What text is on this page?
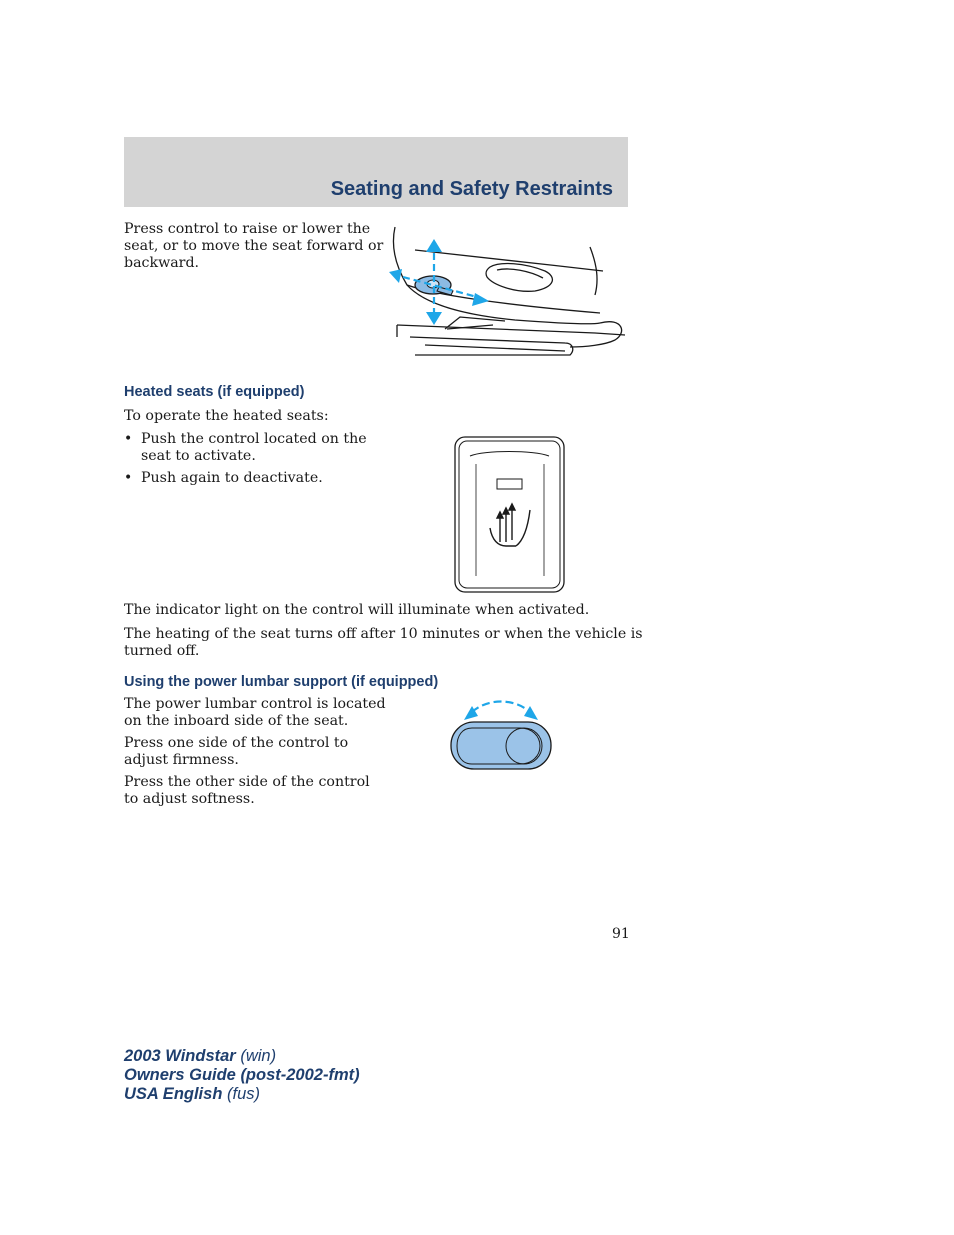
Seating and Safety Restraints
Press control to raise or lower the
seat, or to move the seat forward or
backward.
Heated seats (if equipped)
To operate the heated seats:
• Push the control located on the
seat to activate.
• Push again to deactivate.
The indicator light on the control will illuminate when activated.
The heating of the seat turns off after 10 minutes or when the vehicle is
turned off.
Using the power lumbar support (if equipped)
The power lumbar control is located
on the inboard side of the seat.
Press one side of the control to
adjust firmness.
Press the other side of the control
to adjust softness.
91
2003 Windstar (win)
Owners Guide (post-2002-fmt)
USA English (fus)
